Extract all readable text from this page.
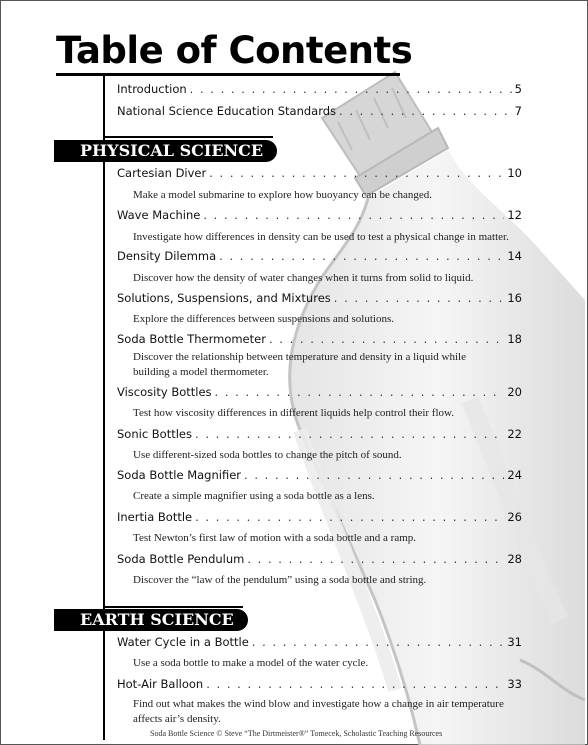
Table of Contents
Introduction . . .	5
National Science Education Standards . . .	7
PHYSICAL SCIENCE
Cartesian Diver . . .	10
Make a model submarine to explore how buoyancy can be changed.
Wave Machine . . .	12
Investigate how differences in density can be used to test a physical change in matter.
Density Dilemma . . .	14
Discover how the density of water changes when it turns from solid to liquid.
Solutions, Suspensions, and Mixtures . . .	16
Explore the differences between suspensions and solutions.
Soda Bottle Thermometer . . .	18
Discover the relationship between temperature and density in a liquid while building a model thermometer.
Viscosity Bottles . . .	20
Test how viscosity differences in different liquids help control their flow.
Sonic Bottles . . .	22
Use different-sized soda bottles to change the pitch of sound.
Soda Bottle Magnifier . . .	24
Create a simple magnifier using a soda bottle as a lens.
Inertia Bottle . . .	26
Test Newton’s first law of motion with a soda bottle and a ramp.
Soda Bottle Pendulum . . .	28
Discover the “law of the pendulum” using a soda bottle and string.
EARTH SCIENCE
Water Cycle in a Bottle . . .	31
Use a soda bottle to make a model of the water cycle.
Hot-Air Balloon . . .	33
Find out what makes the wind blow and investigate how a change in air temperature affects air’s density.
Soda Bottle Science © Steve “The Dirtmeister®” Tomecek, Scholastic Teaching Resources
